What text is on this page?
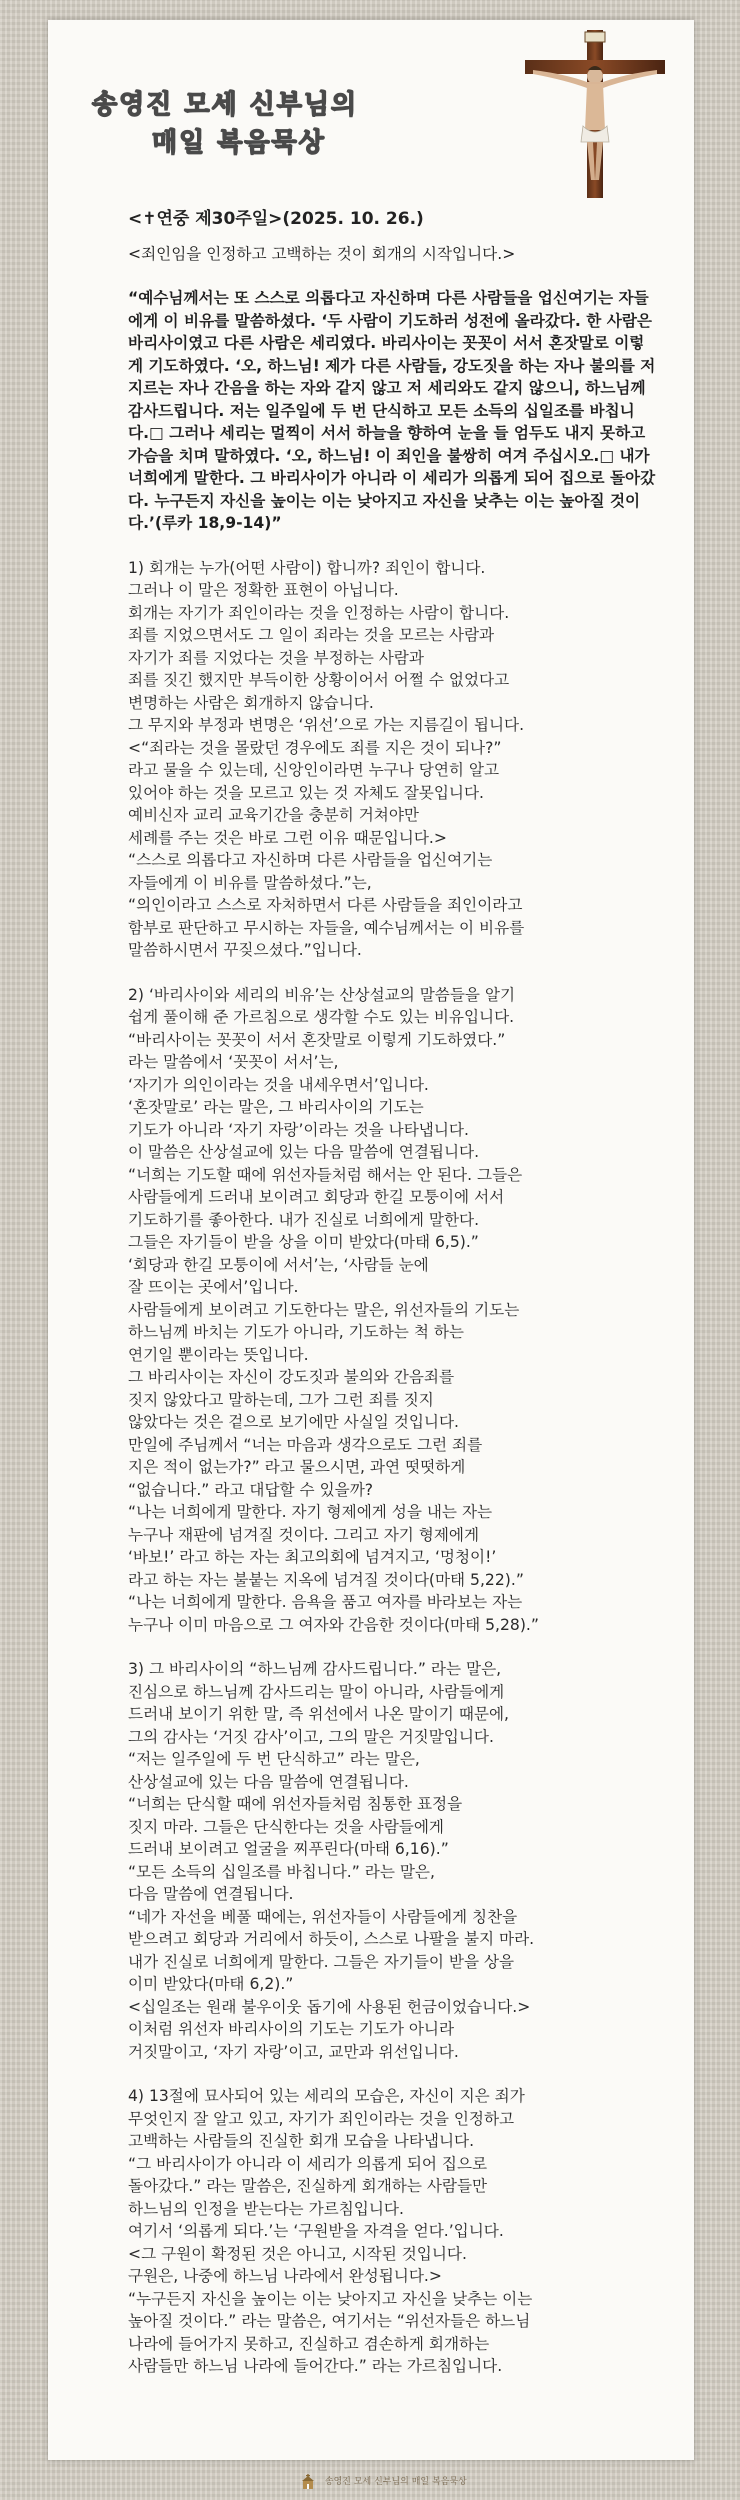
송영진 모세 신부님의
매일 복음묵상

<✝연중 제30주일>(2025. 10. 26.)

<죄인임을 인정하고 고백하는 것이 회개의 시작입니다.>

“예수님께서는 또 스스로 의롭다고 자신하며 다른 사람들을 업신여기는 자들에게 이 비유를 말씀하셨다. ‘두 사람이 기도하러 성전에 올라갔다. 한 사람은 바리사이였고 다른 사람은 세리였다. 바리사이는 꼿꼿이 서서 혼잣말로 이렇게 기도하였다. ‘오, 하느님! 제가 다른 사람들, 강도짓을 하는 자나 불의를 저지르는 자나 간음을 하는 자와 같지 않고 저 세리와도 같지 않으니, 하느님께 감사드립니다. 저는 일주일에 두 번 단식하고 모든 소득의 십일조를 바칩니다.□ 그러나 세리는 멀찍이 서서 하늘을 향하여 눈을 들 엄두도 내지 못하고 가슴을 치며 말하였다. ‘오, 하느님! 이 죄인을 불쌍히 여겨 주십시오.□ 내가 너희에게 말한다. 그 바리사이가 아니라 이 세리가 의롭게 되어 집으로 돌아갔다. 누구든지 자신을 높이는 이는 낮아지고 자신을 낮추는 이는 높아질 것이다.’(루카 18,9-14)”

1) 회개는 누가(어떤 사람이) 합니까? 죄인이 합니다.

그러나 이 말은 정확한 표현이 아닙니다.

회개는 자기가 죄인이라는 것을 인정하는 사람이 합니다.

죄를 지었으면서도 그 일이 죄라는 것을 모르는 사람과

자기가 죄를 지었다는 것을 부정하는 사람과

죄를 짓긴 했지만 부득이한 상황이어서 어쩔 수 없었다고

변명하는 사람은 회개하지 않습니다.

그 무지와 부정과 변명은 ‘위선’으로 가는 지름길이 됩니다.

<“죄라는 것을 몰랐던 경우에도 죄를 지은 것이 되나?”

라고 물을 수 있는데, 신앙인이라면 누구나 당연히 알고

있어야 하는 것을 모르고 있는 것 자체도 잘못입니다.

예비신자 교리 교육기간을 충분히 거쳐야만

세례를 주는 것은 바로 그런 이유 때문입니다.>

“스스로 의롭다고 자신하며 다른 사람들을 업신여기는

자들에게 이 비유를 말씀하셨다.”는,

“의인이라고 스스로 자처하면서 다른 사람들을 죄인이라고

함부로 판단하고 무시하는 자들을, 예수님께서는 이 비유를

말씀하시면서 꾸짖으셨다.”입니다.

2) ‘바리사이와 세리의 비유’는 산상설교의 말씀들을 알기

쉽게 풀이해 준 가르침으로 생각할 수도 있는 비유입니다.

“바리사이는 꼿꼿이 서서 혼잣말로 이렇게 기도하였다.”

라는 말씀에서 ‘꼿꼿이 서서’는,

‘자기가 의인이라는 것을 내세우면서’입니다.

‘혼잣말로’ 라는 말은, 그 바리사이의 기도는

기도가 아니라 ‘자기 자랑’이라는 것을 나타냅니다.

이 말씀은 산상설교에 있는 다음 말씀에 연결됩니다.

“너희는 기도할 때에 위선자들처럼 해서는 안 된다. 그들은

사람들에게 드러내 보이려고 회당과 한길 모퉁이에 서서

기도하기를 좋아한다. 내가 진실로 너희에게 말한다.

그들은 자기들이 받을 상을 이미 받았다(마태 6,5).”

‘회당과 한길 모퉁이에 서서’는, ‘사람들 눈에

잘 뜨이는 곳에서’입니다.

사람들에게 보이려고 기도한다는 말은, 위선자들의 기도는

하느님께 바치는 기도가 아니라, 기도하는 척 하는

연기일 뿐이라는 뜻입니다.

그 바리사이는 자신이 강도짓과 불의와 간음죄를

짓지 않았다고 말하는데, 그가 그런 죄를 짓지

않았다는 것은 겉으로 보기에만 사실일 것입니다.

만일에 주님께서 “너는 마음과 생각으로도 그런 죄를

지은 적이 없는가?” 라고 물으시면, 과연 떳떳하게

“없습니다.” 라고 대답할 수 있을까?

“나는 너희에게 말한다. 자기 형제에게 성을 내는 자는

누구나 재판에 넘겨질 것이다. 그리고 자기 형제에게

‘바보!’ 라고 하는 자는 최고의회에 넘겨지고, ‘멍청이!’

라고 하는 자는 불붙는 지옥에 넘겨질 것이다(마태 5,22).”

“나는 너희에게 말한다. 음욕을 품고 여자를 바라보는 자는

누구나 이미 마음으로 그 여자와 간음한 것이다(마태 5,28).”

3) 그 바리사이의 “하느님께 감사드립니다.” 라는 말은,

진심으로 하느님께 감사드리는 말이 아니라, 사람들에게

드러내 보이기 위한 말, 즉 위선에서 나온 말이기 때문에,

그의 감사는 ‘거짓 감사’이고, 그의 말은 거짓말입니다.

“저는 일주일에 두 번 단식하고” 라는 말은,

산상설교에 있는 다음 말씀에 연결됩니다.

“너희는 단식할 때에 위선자들처럼 침통한 표정을

짓지 마라. 그들은 단식한다는 것을 사람들에게

드러내 보이려고 얼굴을 찌푸린다(마태 6,16).”

“모든 소득의 십일조를 바칩니다.” 라는 말은,

다음 말씀에 연결됩니다.

“네가 자선을 베풀 때에는, 위선자들이 사람들에게 칭찬을

받으려고 회당과 거리에서 하듯이, 스스로 나팔을 불지 마라.

내가 진실로 너희에게 말한다. 그들은 자기들이 받을 상을

이미 받았다(마태 6,2).”

<십일조는 원래 불우이웃 돕기에 사용된 헌금이었습니다.>

이처럼 위선자 바리사이의 기도는 기도가 아니라

거짓말이고, ‘자기 자랑’이고, 교만과 위선입니다.

4) 13절에 묘사되어 있는 세리의 모습은, 자신이 지은 죄가

무엇인지 잘 알고 있고, 자기가 죄인이라는 것을 인정하고

고백하는 사람들의 진실한 회개 모습을 나타냅니다.

“그 바리사이가 아니라 이 세리가 의롭게 되어 집으로

돌아갔다.” 라는 말씀은, 진실하게 회개하는 사람들만

하느님의 인정을 받는다는 가르침입니다.

여기서 ‘의롭게 되다.’는 ‘구원받을 자격을 얻다.’입니다.

<그 구원이 확정된 것은 아니고, 시작된 것입니다.

구원은, 나중에 하느님 나라에서 완성됩니다.>

“누구든지 자신을 높이는 이는 낮아지고 자신을 낮추는 이는

높아질 것이다.” 라는 말씀은, 여기서는 “위선자들은 하느님

나라에 들어가지 못하고, 진실하고 겸손하게 회개하는

사람들만 하느님 나라에 들어간다.” 라는 가르침입니다.

송영진 모세 신부님의 매일 복음묵상
